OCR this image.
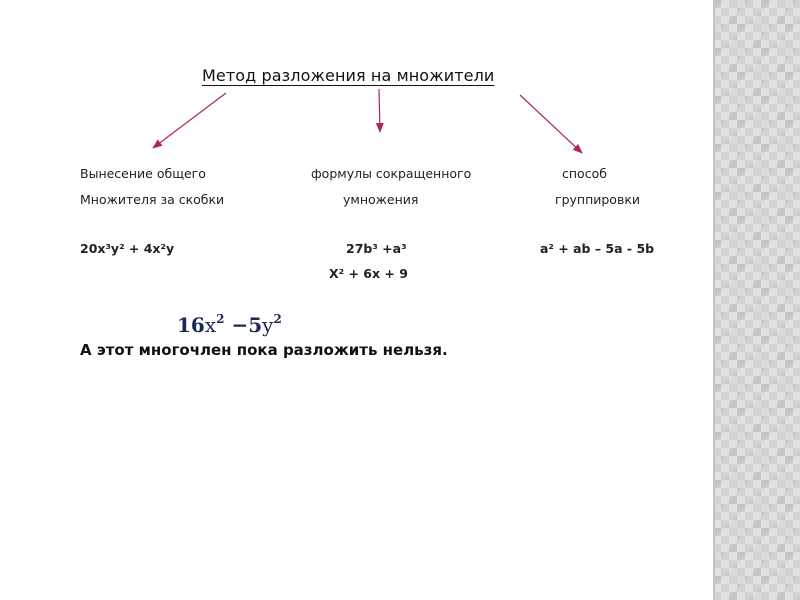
Метод разложения на множители
Вынесение общего
Множителя за скобки
20x³y² + 4x²y
формулы сокращенного
умножения
27b³ +a³
X² + 6x + 9
способ
группировки
a² + ab – 5a - 5b
$16x^2 -5y^2$
А этот многочлен пока разложить нельзя.
